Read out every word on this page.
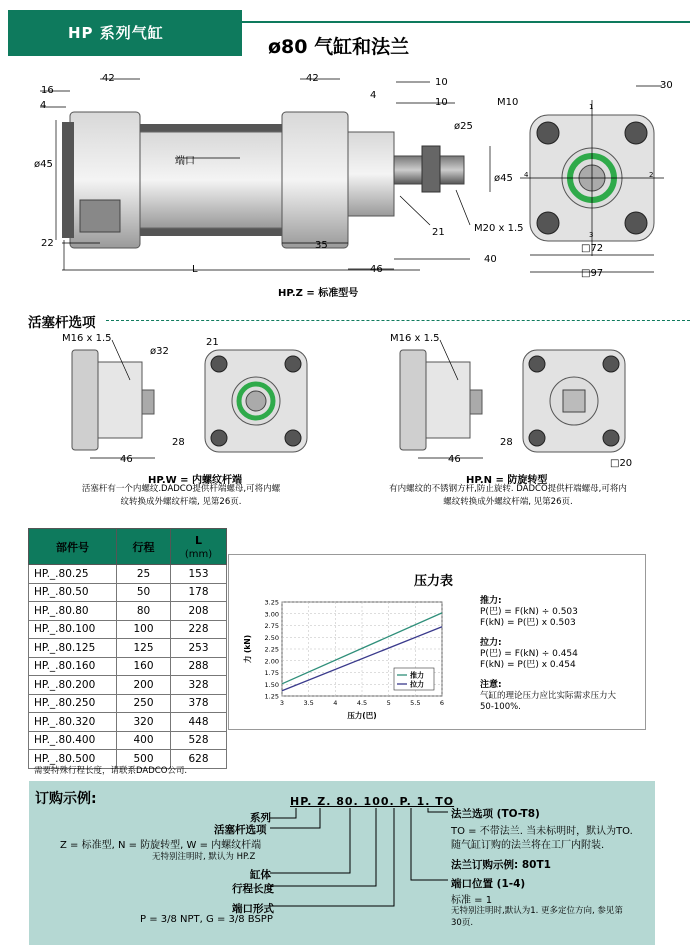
HP 系列气缸
ø80 气缸和法兰
42
16
4
ø45
22
端口
L
42
4
10
10
ø25
ø45
21	M20 x 1.5
35
46
40
30
M10
□72
□97
1
2
3
4
HP.Z = 标准型号
活塞杆选项
M16 x 1.5
ø32
21
28
46
HP.W = 内螺纹杆端
活塞杆有一个内螺纹.DADCO提供杆端螺母,可将内螺
纹转换成外螺纹杆端, 见第26页.
M16 x 1.5
28
46	□20
HP.N = 防旋转型
有内螺纹的不锈钢方杆,防止旋转. DADCO提供杆端螺母,可将内
螺纹转换成外螺纹杆端, 见第26页.
部件号	行程	L
(mm)
HP._.80.25	25	153
HP._.80.50	50	178
HP._.80.80	80	208
HP._.80.100	100	228
HP._.80.125	125	253
HP._.80.160	160	288
HP._.80.200	200	328
HP._.80.250	250	378
HP._.80.320	320	448
HP._.80.400	400	528
HP._.80.500	500	628
需要特殊行程长度，请联系DADCO公司.
压力表
1.25
1.50
1.75
2.00
2.25
2.50
2.75
3.00
3.25
3	3.5	4	4.5	5	5.5	6
推力
拉力
压力(巴)
力 (kN)
推力:
P(巴) = F(kN) ÷ 0.503
F(kN) = P(巴) x 0.503
拉力:
P(巴) = F(kN) ÷ 0.454
F(kN) = P(巴) x 0.454
注意:
气缸的理论压力应比实际需求压力大
50-100%.
订购示例:	HP. Z. 80. 100. P. 1. TO
系列
活塞杆选项
Z = 标准型, N = 防旋转型, W = 内螺纹杆端
无特别注明时, 默认为 HP.Z
缸体
行程长度
端口形式
P = 3/8 NPT, G = 3/8 BSPP
法兰选项 (TO-T8)
TO = 不带法兰. 当未标明时，默认为TO.
随气缸订购的法兰将在工厂内附装.
法兰订购示例: 80T1
端口位置 (1-4)
标准 = 1
无特别注明时,默认为1. 更多定位方向, 参见第
30页.
